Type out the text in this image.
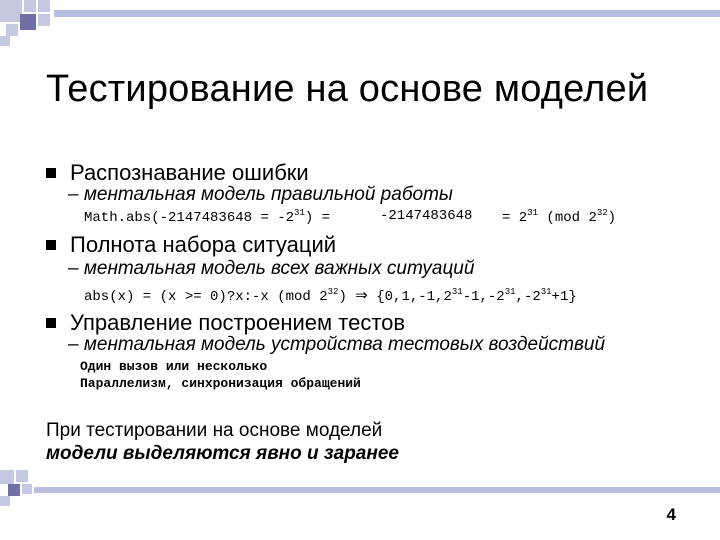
Тестирование на основе моделей
Распознавание ошибки
– ментальная модель правильной работы
Math.abs(-2147483648 = $-2^{31}$) =	$-2147483648 = 2^{31}$ (mod $2^{32}$)
Полнота набора ситуаций
– ментальная модель всех важных ситуаций
abs(x) = (x >= 0)?x:-x (mod $2^{32}$) ⇒ $\{0,1,-1,2^{31}-1,-2^{31},-2^{31}+1\}$
Управление построением тестов
– ментальная модель устройства тестовых воздействий
Один вызов или несколько
Параллелизм, синхронизация обращений
При тестировании на основе моделей
модели выделяются явно и заранее
4
